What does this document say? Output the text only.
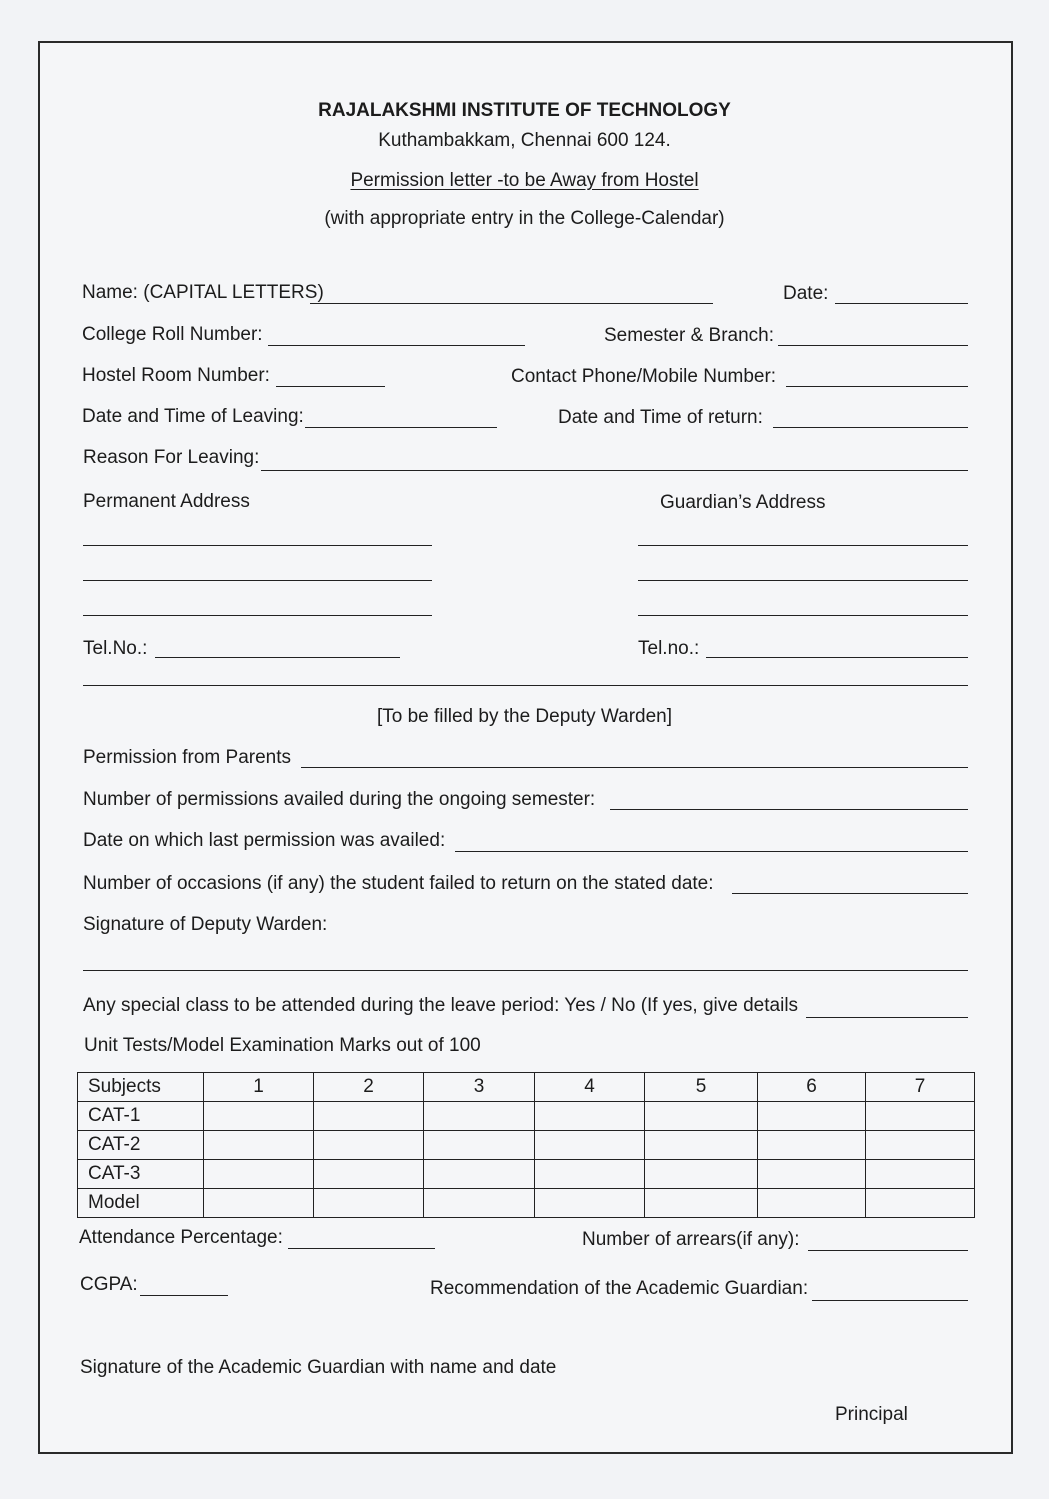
RAJALAKSHMI INSTITUTE OF TECHNOLOGY
Kuthambakkam, Chennai 600 124.
Permission letter -to be Away from Hostel
(with appropriate entry in the College-Calendar)
Name: (CAPITAL LETTERS)	Date:
College Roll Number:	Semester & Branch:
Hostel Room Number:	Contact Phone/Mobile Number:
Date and Time of Leaving:	Date and Time of return:
Reason For Leaving:
Permanent Address	Guardian’s Address
Tel.No.:	Tel.no.:
[To be filled by the Deputy Warden]
Permission from Parents
Number of permissions availed during the ongoing semester:
Date on which last permission was availed:
Number of occasions (if any) the student failed to return on the stated date:
Signature of Deputy Warden:
Any special class to be attended during the leave period: Yes / No (If yes, give details
Unit Tests/Model Examination Marks out of 100
Subjects	1	2	3	4	5	6	7
CAT-1							
CAT-2							
CAT-3							
Model							
Attendance Percentage:	Number of arrears(if any):
CGPA:	Recommendation of the Academic Guardian:
Signature of the Academic Guardian with name and date
Principal
